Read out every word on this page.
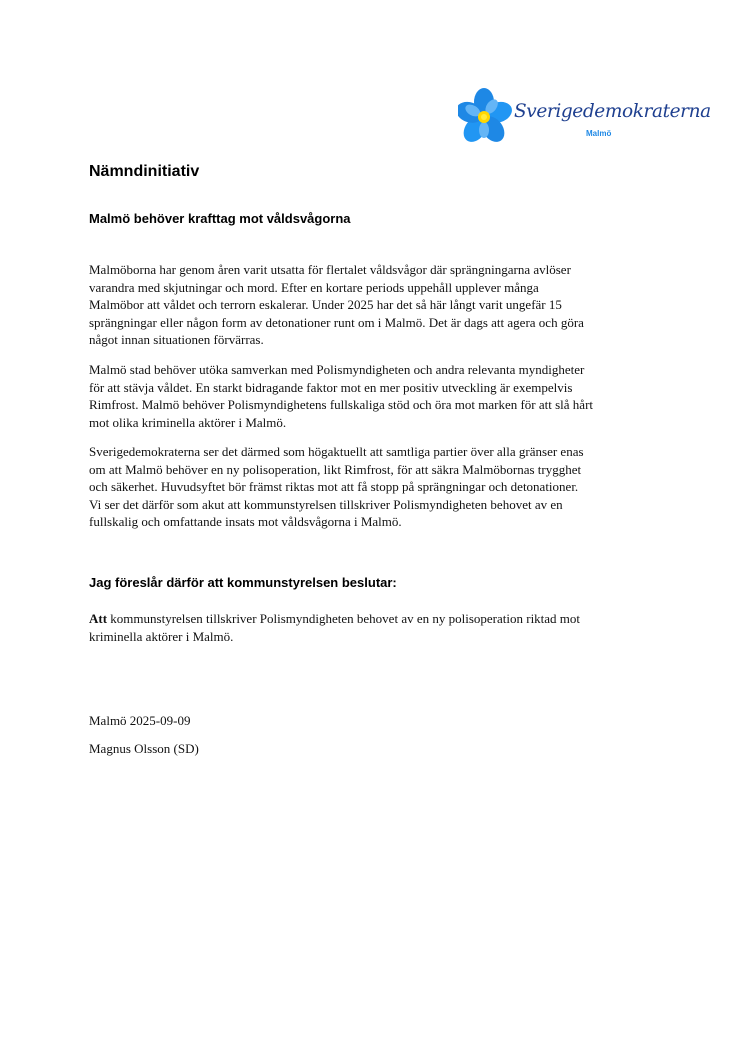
Sverigedemokraterna
Malmö
Nämndinitiativ
Malmö behöver krafttag mot våldsvågorna
Malmöborna har genom åren varit utsatta för flertalet våldsvågor där sprängningarna avlöser
varandra med skjutningar och mord. Efter en kortare periods uppehåll upplever många
Malmöbor att våldet och terrorn eskalerar. Under 2025 har det så här långt varit ungefär 15
sprängningar eller någon form av detonationer runt om i Malmö. Det är dags att agera och göra
något innan situationen förvärras.
Malmö stad behöver utöka samverkan med Polismyndigheten och andra relevanta myndigheter
för att stävja våldet. En starkt bidragande faktor mot en mer positiv utveckling är exempelvis
Rimfrost. Malmö behöver Polismyndighetens fullskaliga stöd och öra mot marken för att slå hårt
mot olika kriminella aktörer i Malmö.
Sverigedemokraterna ser det därmed som högaktuellt att samtliga partier över alla gränser enas
om att Malmö behöver en ny polisoperation, likt Rimfrost, för att säkra Malmöbornas trygghet
och säkerhet. Huvudsyftet bör främst riktas mot att få stopp på sprängningar och detonationer.
Vi ser det därför som akut att kommunstyrelsen tillskriver Polismyndigheten behovet av en
fullskalig och omfattande insats mot våldsvågorna i Malmö.
Jag föreslår därför att kommunstyrelsen beslutar:
Att kommunstyrelsen tillskriver Polismyndigheten behovet av en ny polisoperation riktad mot
kriminella aktörer i Malmö.
Malmö 2025-09-09
Magnus Olsson (SD)
